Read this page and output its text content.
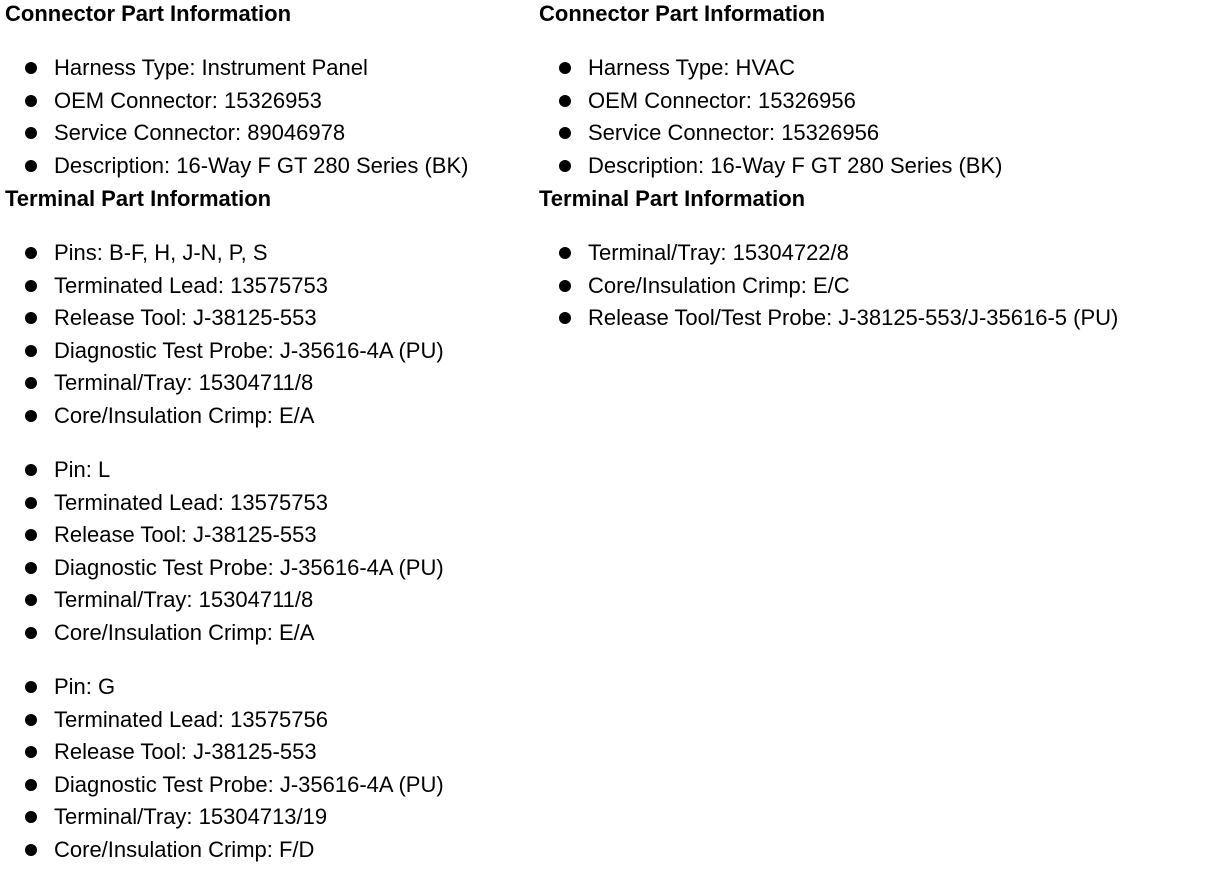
Connector Part Information
Harness Type: Instrument Panel
OEM Connector: 15326953
Service Connector: 89046978
Description: 16-Way F GT 280 Series (BK)
Terminal Part Information
Pins: B-F, H, J-N, P, S
Terminated Lead: 13575753
Release Tool: J-38125-553
Diagnostic Test Probe: J-35616-4A (PU)
Terminal/Tray: 15304711/8
Core/Insulation Crimp: E/A
Pin: L
Terminated Lead: 13575753
Release Tool: J-38125-553
Diagnostic Test Probe: J-35616-4A (PU)
Terminal/Tray: 15304711/8
Core/Insulation Crimp: E/A
Pin: G
Terminated Lead: 13575756
Release Tool: J-38125-553
Diagnostic Test Probe: J-35616-4A (PU)
Terminal/Tray: 15304713/19
Core/Insulation Crimp: F/D
Connector Part Information
Harness Type: HVAC
OEM Connector: 15326956
Service Connector: 15326956
Description: 16-Way F GT 280 Series (BK)
Terminal Part Information
Terminal/Tray: 15304722/8
Core/Insulation Crimp: E/C
Release Tool/Test Probe: J-38125-553/J-35616-5 (PU)
